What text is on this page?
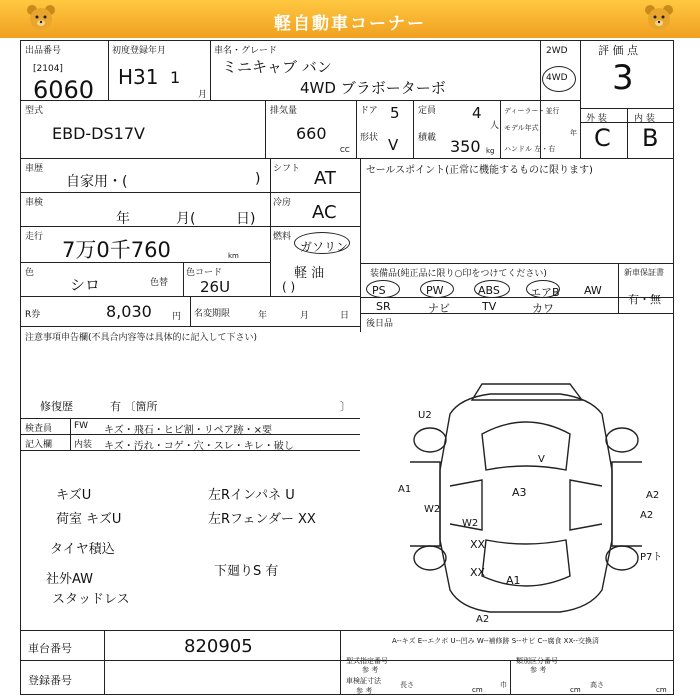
軽自動車コーナー
出品番号
[2104]
6060
初度登録年月
H31 1
月
車名・グレード
ミニキャブ バン
4WD ブラボーターボ
2WD
4WD
評 価 点
3
型式
EBD-DS17V
排気量
660
CC
ドア 5 定員 4
人
形状 V 積載 350 kg
ディーラー・並行
モデル年式
年
ハンドル 左・右
外 装	内 装
C B
車歴
自家用・(	)
シフト AT	セールスポイント(正常に機能するものに限ります)
車検
年	月(	日)
冷房 AC
走行
7万0千760	km
燃料
ガソリン
軽 油
( )
色
シロ	色替
色コード
26U
R券	8,030 円 名変期限	年	月	日
装備品(純正品に限り○印をつけてください)
PS	PW	ABS	エアB AW
SR	ナビ	TV	カワ
新車保証書
有・無
後日品
注意事項申告欄(不具合内容等は具体的に記入して下さい)
修復歴	有 〔箇所	〕
検査員
記入欄
FW キズ・飛石・ヒビ割・リペア跡・×要
内装 キズ・汚れ・コゲ・穴・スレ・キレ・破し
キズU
荷室 キズU
タイヤ積込
社外AW
スタッドレス
左Rインパネ U
左Rフェンダー XX
下廻りS 有
U2
A1
W2
W2
XX
XX
A3
A1
A2
A2
P7ト
V
A2
車台番号	820905
登録番号
A--キズ E--エクボ U--凹み W--補修跡 S--サビ C--腐食 XX--交換済
型式指定番号
参 考
類別区分番号
参 考
車検証寸法
参 考
長さ
cm
巾
cm
高さ
cm
